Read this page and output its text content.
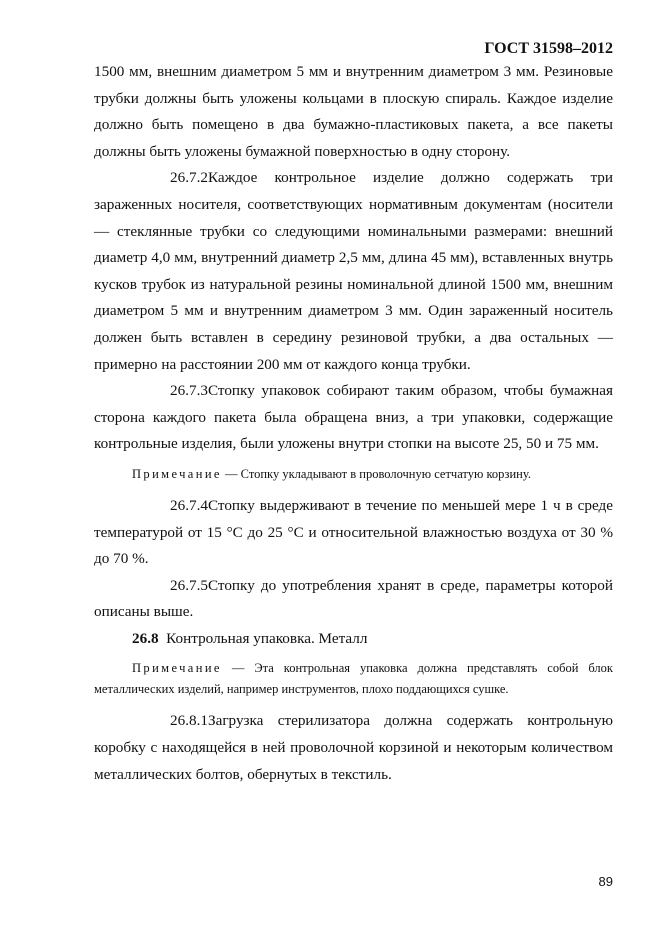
ГОСТ 31598–2012

1500 мм, внешним диаметром 5 мм и внутренним диаметром 3 мм. Резиновые трубки должны быть уложены кольцами в плоскую спираль. Каждое изделие должно быть помещено в два бумажно-пластиковых пакета, а все пакеты должны быть уложены бумажной поверхностью в одну сторону.

26.7.2Каждое контрольное изделие должно содержать три зараженных носителя, соответствующих нормативным документам (носители — стеклянные трубки со следующими номинальными размерами: внешний диаметр 4,0 мм, внутренний диаметр 2,5 мм, длина 45 мм), вставленных внутрь кусков трубок из натуральной резины номинальной длиной 1500 мм, внешним диаметром 5 мм и внутренним диаметром 3 мм. Один зараженный носитель должен быть вставлен в середину резиновой трубки, а два остальных — примерно на расстоянии 200 мм от каждого конца трубки.

26.7.3Стопку упаковок собирают таким образом, чтобы бумажная сторона каждого пакета была обращена вниз, а три упаковки, содержащие контрольные изделия, были уложены внутри стопки на высоте 25, 50 и 75 мм.

Примечание — Стопку укладывают в проволочную сетчатую корзину.

26.7.4Стопку выдерживают в течение по меньшей мере 1 ч в среде температурой от 15 °С до 25 °С и относительной влажностью воздуха от 30 % до 70 %.

26.7.5Стопку до употребления хранят в среде, параметры которой описаны выше.

26.8 Контрольная упаковка. Металл

Примечание — Эта контрольная упаковка должна представлять собой блок металлических изделий, например инструментов, плохо поддающихся сушке.

26.8.1Загрузка стерилизатора должна содержать контрольную коробку с находящейся в ней проволочной корзиной и некоторым количеством металлических болтов, обернутых в текстиль.

89
